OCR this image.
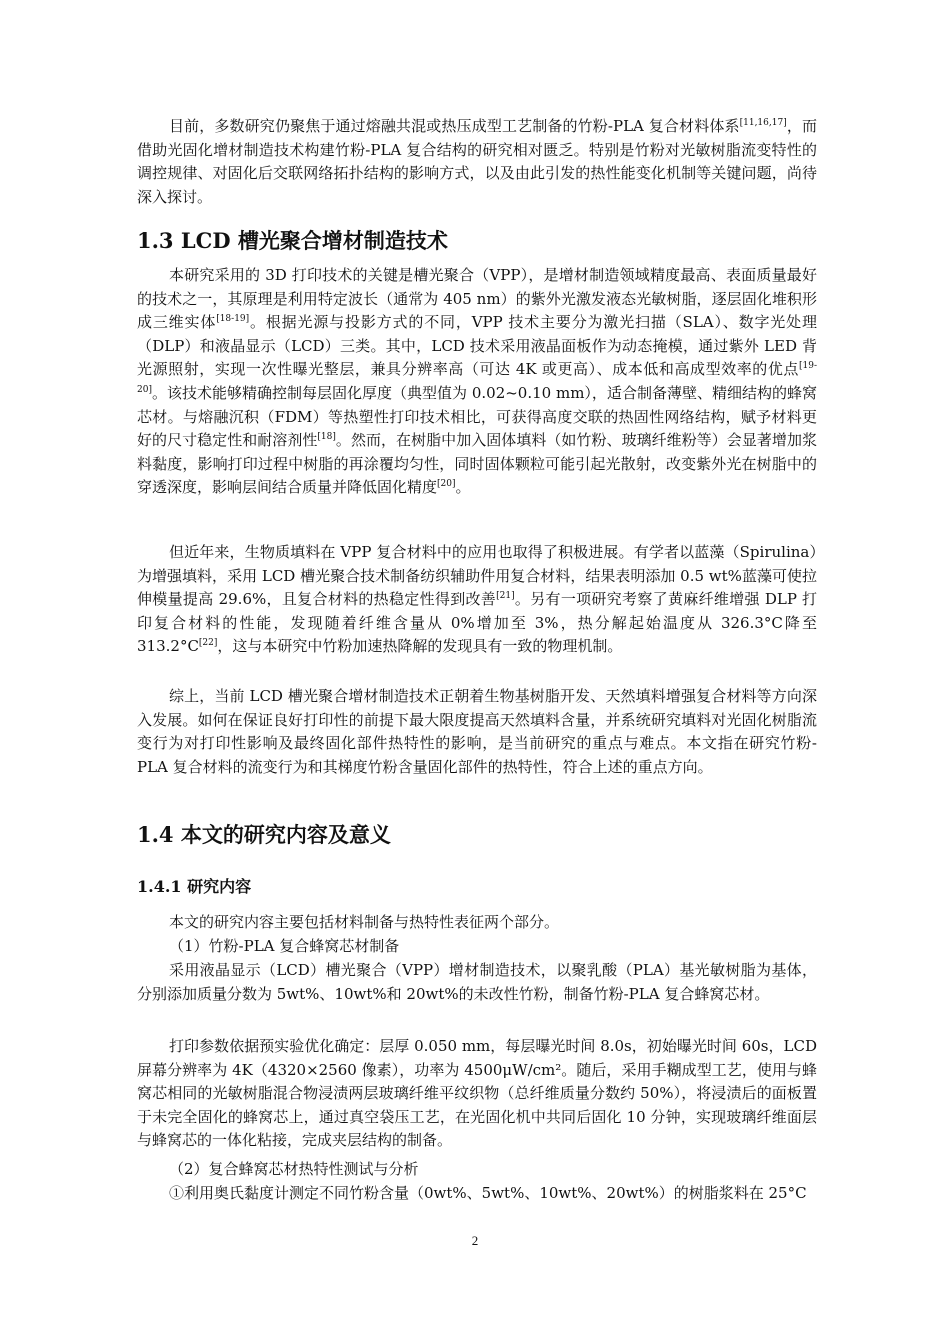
目前，多数研究仍聚焦于通过熔融共混或热压成型工艺制备的竹粉-PLA 复合材料体系[11,16,17]，而借助光固化增材制造技术构建竹粉-PLA 复合结构的研究相对匮乏。特别是竹粉对光敏树脂流变特性的调控规律、对固化后交联网络拓扑结构的影响方式，以及由此引发的热性能变化机制等关键问题，尚待深入探讨。

1.3 LCD 槽光聚合增材制造技术

本研究采用的 3D 打印技术的关键是槽光聚合（VPP），是增材制造领域精度最高、表面质量最好的技术之一，其原理是利用特定波长（通常为 405 nm）的紫外光激发液态光敏树脂，逐层固化堆积形成三维实体[18-19]。根据光源与投影方式的不同，VPP 技术主要分为激光扫描（SLA）、数字光处理（DLP）和液晶显示（LCD）三类。其中，LCD 技术采用液晶面板作为动态掩模，通过紫外 LED 背光源照射，实现一次性曝光整层，兼具分辨率高（可达 4K 或更高）、成本低和高成型效率的优点[19-20]。该技术能够精确控制每层固化厚度（典型值为 0.02~0.10 mm），适合制备薄壁、精细结构的蜂窝芯材。与熔融沉积（FDM）等热塑性打印技术相比，可获得高度交联的热固性网络结构，赋予材料更好的尺寸稳定性和耐溶剂性[18]。然而，在树脂中加入固体填料（如竹粉、玻璃纤维粉等）会显著增加浆料黏度，影响打印过程中树脂的再涂覆均匀性，同时固体颗粒可能引起光散射，改变紫外光在树脂中的穿透深度，影响层间结合质量并降低固化精度[20]。

但近年来，生物质填料在 VPP 复合材料中的应用也取得了积极进展。有学者以蓝藻（Spirulina）为增强填料，采用 LCD 槽光聚合技术制备纺织辅助件用复合材料，结果表明添加 0.5 wt%蓝藻可使拉伸模量提高 29.6%，且复合材料的热稳定性得到改善[21]。另有一项研究考察了黄麻纤维增强 DLP 打印复合材料的性能，发现随着纤维含量从 0%增加至 3%，热分解起始温度从 326.3°C降至 313.2°C[22]，这与本研究中竹粉加速热降解的发现具有一致的物理机制。

综上，当前 LCD 槽光聚合增材制造技术正朝着生物基树脂开发、天然填料增强复合材料等方向深入发展。如何在保证良好打印性的前提下最大限度提高天然填料含量，并系统研究填料对光固化树脂流变行为对打印性影响及最终固化部件热特性的影响，是当前研究的重点与难点。本文指在研究竹粉-PLA 复合材料的流变行为和其梯度竹粉含量固化部件的热特性，符合上述的重点方向。

1.4 本文的研究内容及意义
1.4.1 研究内容

本文的研究内容主要包括材料制备与热特性表征两个部分。

（1）竹粉-PLA 复合蜂窝芯材制备

采用液晶显示（LCD）槽光聚合（VPP）增材制造技术，以聚乳酸（PLA）基光敏树脂为基体，分别添加质量分数为 5wt%、10wt%和 20wt%的未改性竹粉，制备竹粉-PLA 复合蜂窝芯材。

打印参数依据预实验优化确定：层厚 0.050 mm，每层曝光时间 8.0s，初始曝光时间 60s，LCD 屏幕分辨率为 4K（4320×2560 像素），功率为 4500μW/cm²。随后，采用手糊成型工艺，使用与蜂窝芯相同的光敏树脂混合物浸渍两层玻璃纤维平纹织物（总纤维质量分数约 50%），将浸渍后的面板置于未完全固化的蜂窝芯上，通过真空袋压工艺，在光固化机中共同后固化 10 分钟，实现玻璃纤维面层与蜂窝芯的一体化粘接，完成夹层结构的制备。

（2）复合蜂窝芯材热特性测试与分析

①利用奥氏黏度计测定不同竹粉含量（0wt%、5wt%、10wt%、20wt%）的树脂浆料在 25°C

2
